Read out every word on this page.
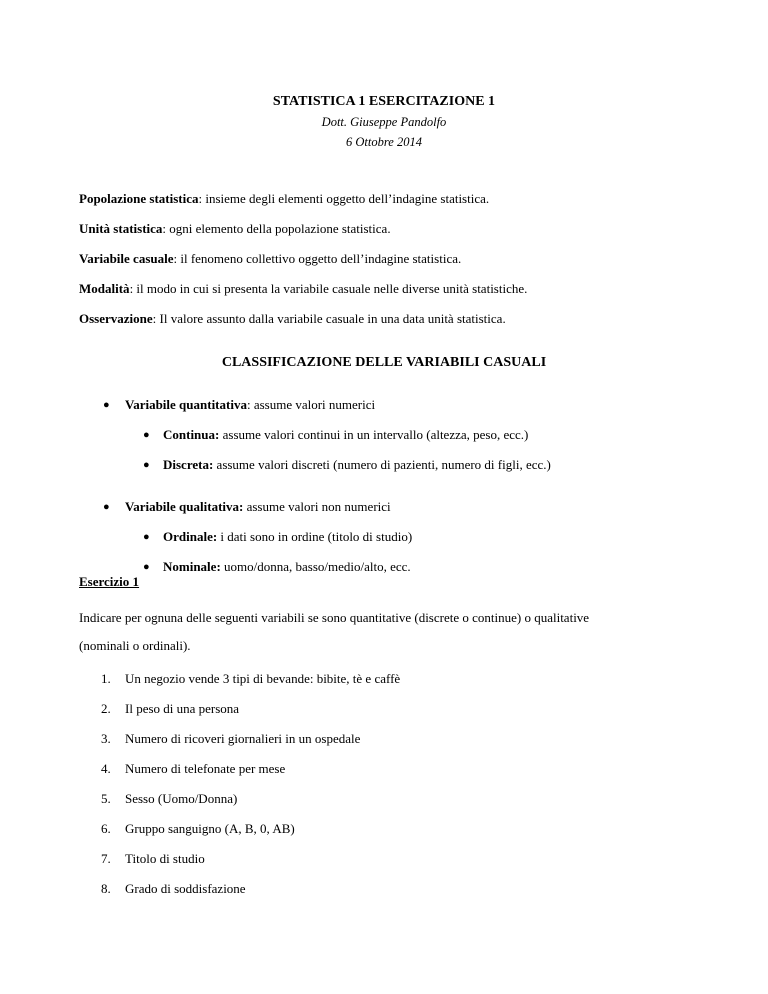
STATISTICA 1 ESERCITAZIONE 1

Dott. Giuseppe Pandolfo

6 Ottobre 2014

Popolazione statistica: insieme degli elementi oggetto dell’indagine statistica.

Unità statistica: ogni elemento della popolazione statistica.

Variabile casuale: il fenomeno collettivo oggetto dell’indagine statistica.

Modalità: il modo in cui si presenta la variabile casuale nelle diverse unità statistiche.

Osservazione: Il valore assunto dalla variabile casuale in una data unità statistica.

CLASSIFICAZIONE DELLE VARIABILI CASUALI

● Variabile quantitativa: assume valori numerici
● Continua: assume valori continui in un intervallo (altezza, peso, ecc.)
● Discreta: assume valori discreti (numero di pazienti, numero di figli, ecc.)
● Variabile qualitativa: assume valori non numerici
● Ordinale: i dati sono in ordine (titolo di studio)
● Nominale: uomo/donna, basso/medio/alto, ecc.

Esercizio 1

Indicare per ognuna delle seguenti variabili se sono quantitative (discrete o continue) o qualitative
(nominali o ordinali).

1. Un negozio vende 3 tipi di bevande: bibite, tè e caffè
2. Il peso di una persona
3. Numero di ricoveri giornalieri in un ospedale
4. Numero di telefonate per mese
5. Sesso (Uomo/Donna)
6. Gruppo sanguigno (A, B, 0, AB)
7. Titolo di studio
8. Grado di soddisfazione
